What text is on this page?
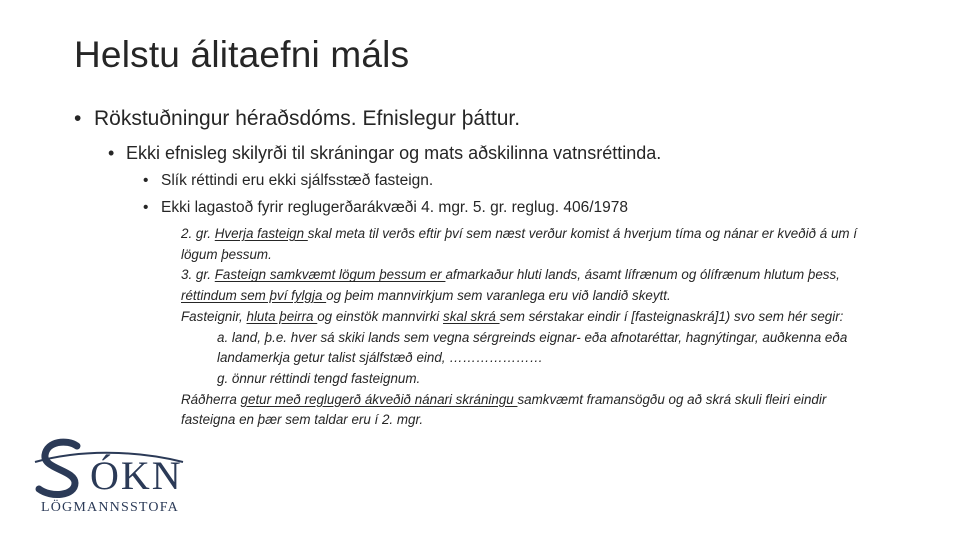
Helstu álitaefni máls
• Rökstuðningur héraðsdóms. Efnislegur þáttur.
• Ekki efnisleg skilyrði til skráningar og mats aðskilinna vatnsréttinda.
• Slík réttindi eru ekki sjálfsstæð fasteign.
• Ekki lagastoð fyrir reglugerðarákvæði 4. mgr. 5. gr. reglug. 406/1978

2. gr. Hverja fasteign skal meta til verðs eftir því sem næst verður komist á hverjum tíma og nánar er kveðið á um í lögum þessum.

3. gr. Fasteign samkvæmt lögum þessum er afmarkaður hluti lands, ásamt lífrænum og ólífrænum hlutum þess, réttindum sem því fylgja og þeim mannvirkjum sem varanlega eru við landið skeytt.

Fasteignir, hluta þeirra og einstök mannvirki skal skrá sem sérstakar eindir í [fasteignaskrá]1) svo sem hér segir:

a. land, þ.e. hver sá skiki lands sem vegna sérgreinds eignar- eða afnotaréttar, hagnýtingar, auðkenna eða landamerkja getur talist sjálfstæð eind, …………………

g. önnur réttindi tengd fasteignum.

Ráðherra getur með reglugerð ákveðið nánari skráningu samkvæmt framansögðu og að skrá skuli fleiri eindir fasteigna en þær sem taldar eru í 2. mgr.

ÓKN
LÖGMANNSSTOFA
